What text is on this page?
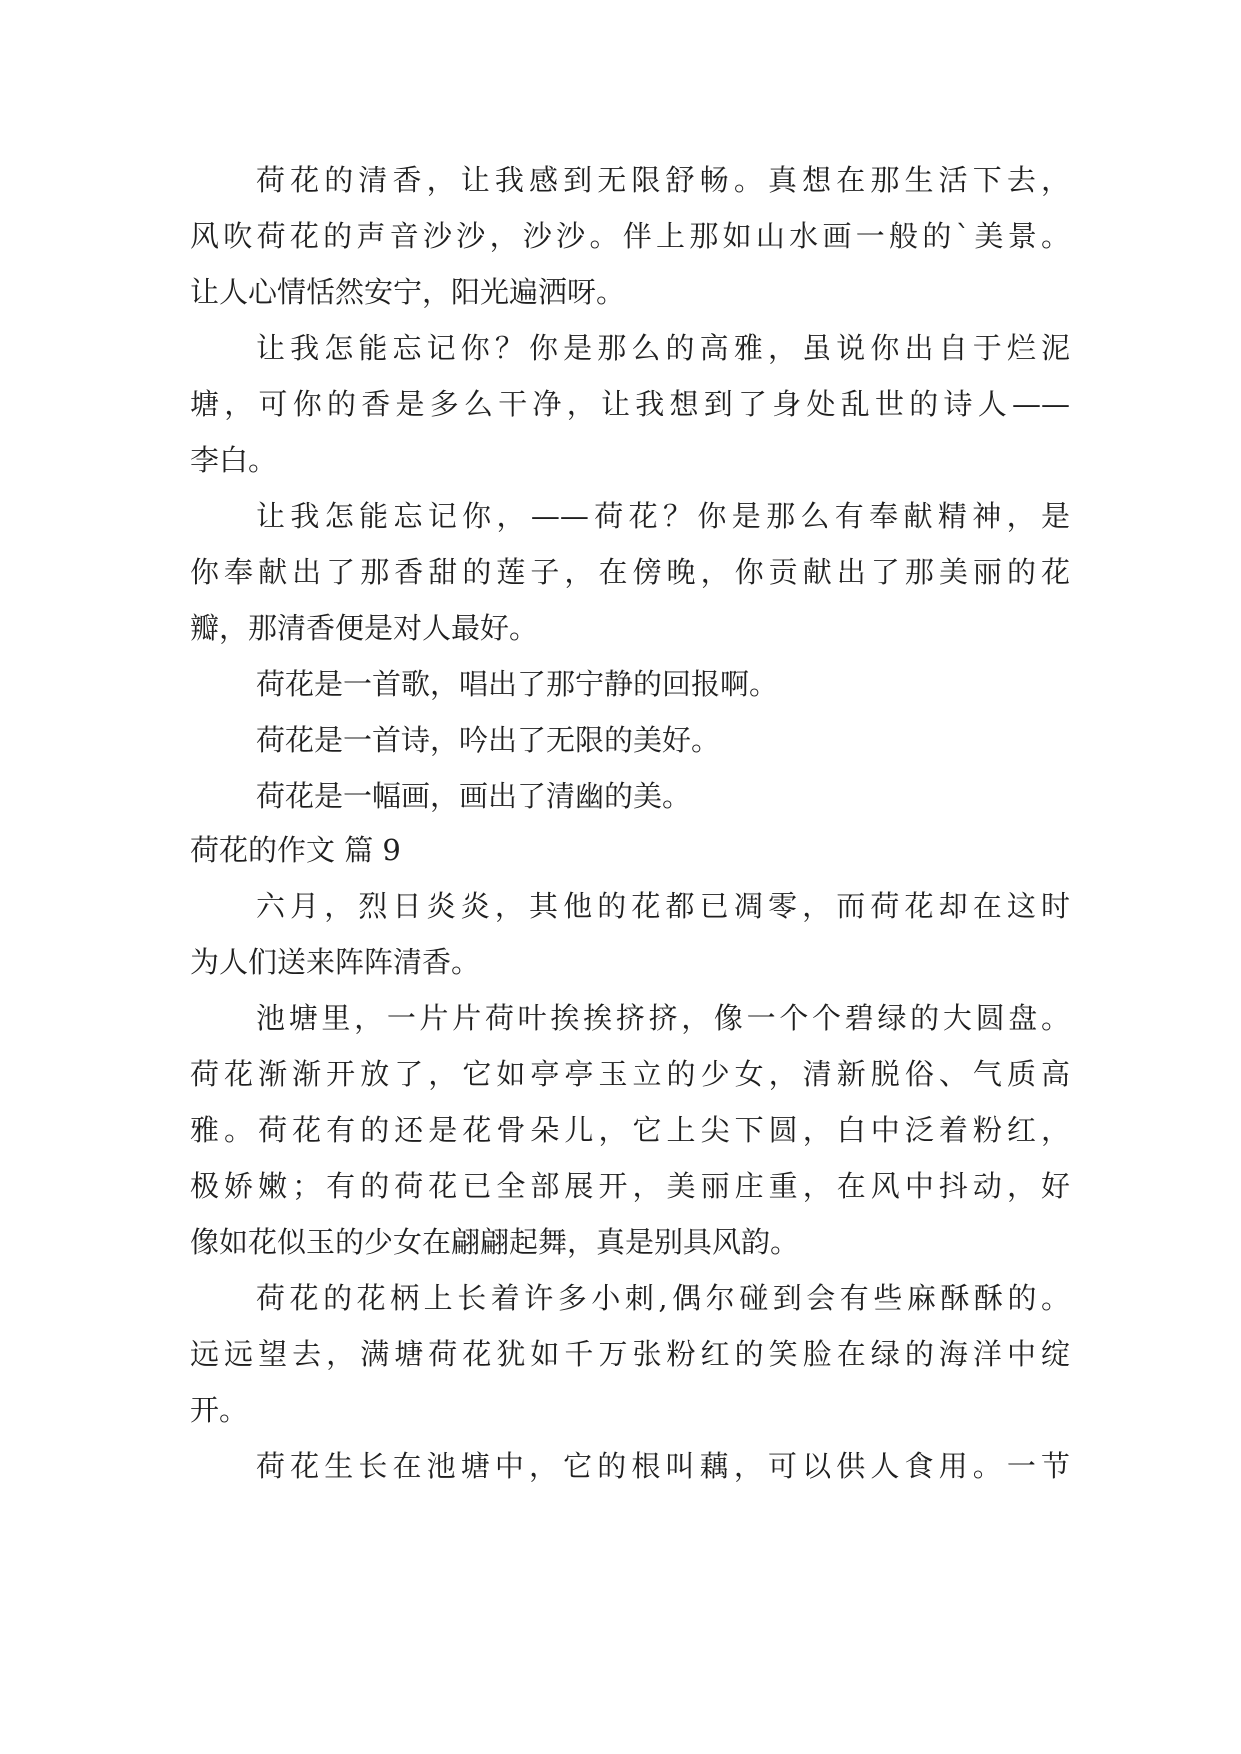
荷花的清香，让我感到无限舒畅。真想在那生活下去，
风吹荷花的声音沙沙，沙沙。伴上那如山水画一般的`美景。
让人心情恬然安宁，阳光遍洒呀。
让我怎能忘记你？你是那么的高雅，虽说你出自于烂泥
塘，可你的香是多么干净，让我想到了身处乱世的诗人——
李白。
让我怎能忘记你，——荷花？你是那么有奉献精神，是
你奉献出了那香甜的莲子，在傍晚，你贡献出了那美丽的花
瓣，那清香便是对人最好。
荷花是一首歌，唱出了那宁静的回报啊。
荷花是一首诗，吟出了无限的美好。
荷花是一幅画，画出了清幽的美。
荷花的作文 篇 9
六月，烈日炎炎，其他的花都已凋零，而荷花却在这时
为人们送来阵阵清香。
池塘里，一片片荷叶挨挨挤挤，像一个个碧绿的大圆盘。
荷花渐渐开放了，它如亭亭玉立的少女，清新脱俗、气质高
雅。荷花有的还是花骨朵儿，它上尖下圆，白中泛着粉红，
极娇嫩；有的荷花已全部展开，美丽庄重，在风中抖动，好
像如花似玉的少女在翩翩起舞，真是别具风韵。
荷花的花柄上长着许多小刺,偶尔碰到会有些麻酥酥的。
远远望去，满塘荷花犹如千万张粉红的笑脸在绿的海洋中绽
开。
荷花生长在池塘中，它的根叫藕，可以供人食用。一节
